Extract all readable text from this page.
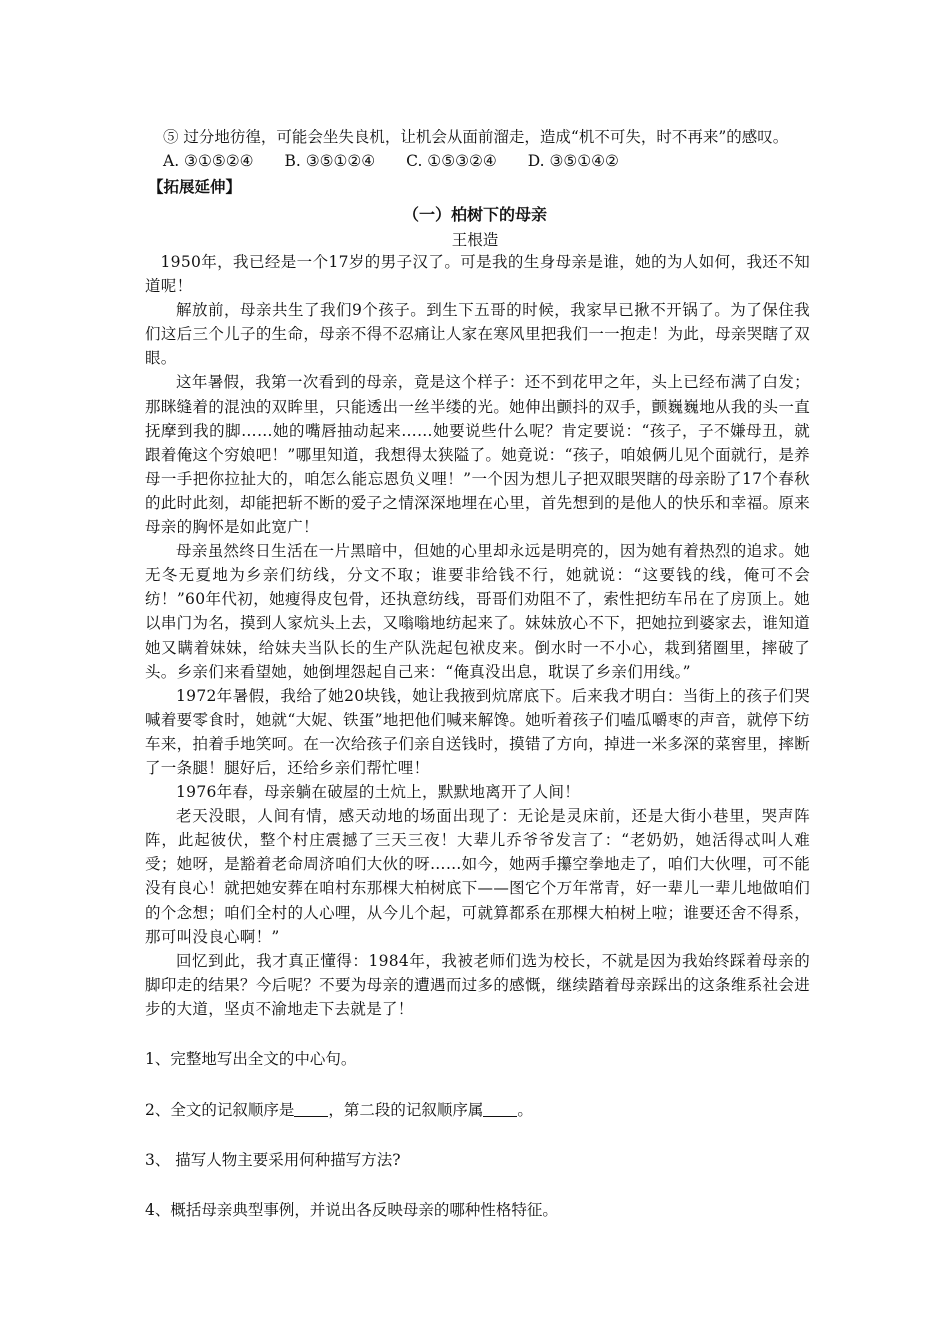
⑤ 过分地彷徨，可能会坐失良机，让机会从面前溜走，造成“机不可失，时不再来”的感叹。
A. ③①⑤②④ B. ③⑤①②④ C. ①⑤③②④ D. ③⑤①④②
【拓展延伸】
（一）柏树下的母亲
王根造

1950年，我已经是一个17岁的男子汉了。可是我的生身母亲是谁，她的为人如何，我还不知道呢！

解放前，母亲共生了我们9个孩子。到生下五哥的时候，我家早已揪不开锅了。为了保住我们这后三个儿子的生命，母亲不得不忍痛让人家在寒风里把我们一一抱走！为此，母亲哭瞎了双眼。

这年暑假，我第一次看到的母亲，竟是这个样子：还不到花甲之年，头上已经布满了白发；那眯缝着的混浊的双眸里，只能透出一丝半缕的光。她伸出颤抖的双手，颤巍巍地从我的头一直抚摩到我的脚……她的嘴唇抽动起来……她要说些什么呢？肯定要说：“孩子，子不嫌母丑，就跟着俺这个穷娘吧！”哪里知道，我想得太狭隘了。她竟说：“孩子，咱娘俩儿见个面就行，是养母一手把你拉扯大的，咱怎么能忘恩负义哩！”一个因为想儿子把双眼哭瞎的母亲盼了17个春秋的此时此刻，却能把斩不断的爱子之情深深地埋在心里，首先想到的是他人的快乐和幸福。原来母亲的胸怀是如此宽广！

母亲虽然终日生活在一片黑暗中，但她的心里却永远是明亮的，因为她有着热烈的追求。她无冬无夏地为乡亲们纺线，分文不取；谁要非给钱不行，她就说：“这要钱的线，俺可不会纺！”60年代初，她瘦得皮包骨，还执意纺线，哥哥们劝阻不了，索性把纺车吊在了房顶上。她以串门为名，摸到人家炕头上去，又嗡嗡地纺起来了。妹妹放心不下，把她拉到婆家去，谁知道她又瞒着妹妹，给妹夫当队长的生产队洗起包袱皮来。倒水时一不小心，栽到猪圈里，摔破了头。乡亲们来看望她，她倒埋怨起自己来：“俺真没出息，耽误了乡亲们用线。”

1972年暑假，我给了她20块钱，她让我掖到炕席底下。后来我才明白：当街上的孩子们哭喊着要零食时，她就“大妮、铁蛋”地把他们喊来解馋。她听着孩子们嗑瓜嚼枣的声音，就停下纺车来，拍着手地笑呵。在一次给孩子们亲自送钱时，摸错了方向，掉进一米多深的菜窖里，摔断了一条腿！腿好后，还给乡亲们帮忙哩！

1976年春，母亲躺在破屋的土炕上，默默地离开了人间！

老天没眼，人间有情，感天动地的场面出现了：无论是灵床前，还是大街小巷里，哭声阵阵，此起彼伏，整个村庄震撼了三天三夜！大辈儿乔爷爷发言了：“老奶奶，她活得忒叫人难受；她呀，是豁着老命周济咱们大伙的呀……如今，她两手攥空拳地走了，咱们大伙哩，可不能没有良心！就把她安葬在咱村东那棵大柏树底下——图它个万年常青，好一辈儿一辈儿地做咱们的个念想；咱们全村的人心哩，从今儿个起，可就算都系在那棵大柏树上啦；谁要还舍不得系，那可叫没良心啊！”

回忆到此，我才真正懂得：1984年，我被老师们选为校长，不就是因为我始终踩着母亲的脚印走的结果？今后呢？不要为母亲的遭遇而过多的感慨，继续踏着母亲踩出的这条维系社会进步的大道，坚贞不渝地走下去就是了！

1、完整地写出全文的中心句。
2、全文的记叙顺序是 ，第二段的记叙顺序属 。
3、 描写人物主要采用何种描写方法?
4、概括母亲典型事例，并说出各反映母亲的哪种性格特征。
